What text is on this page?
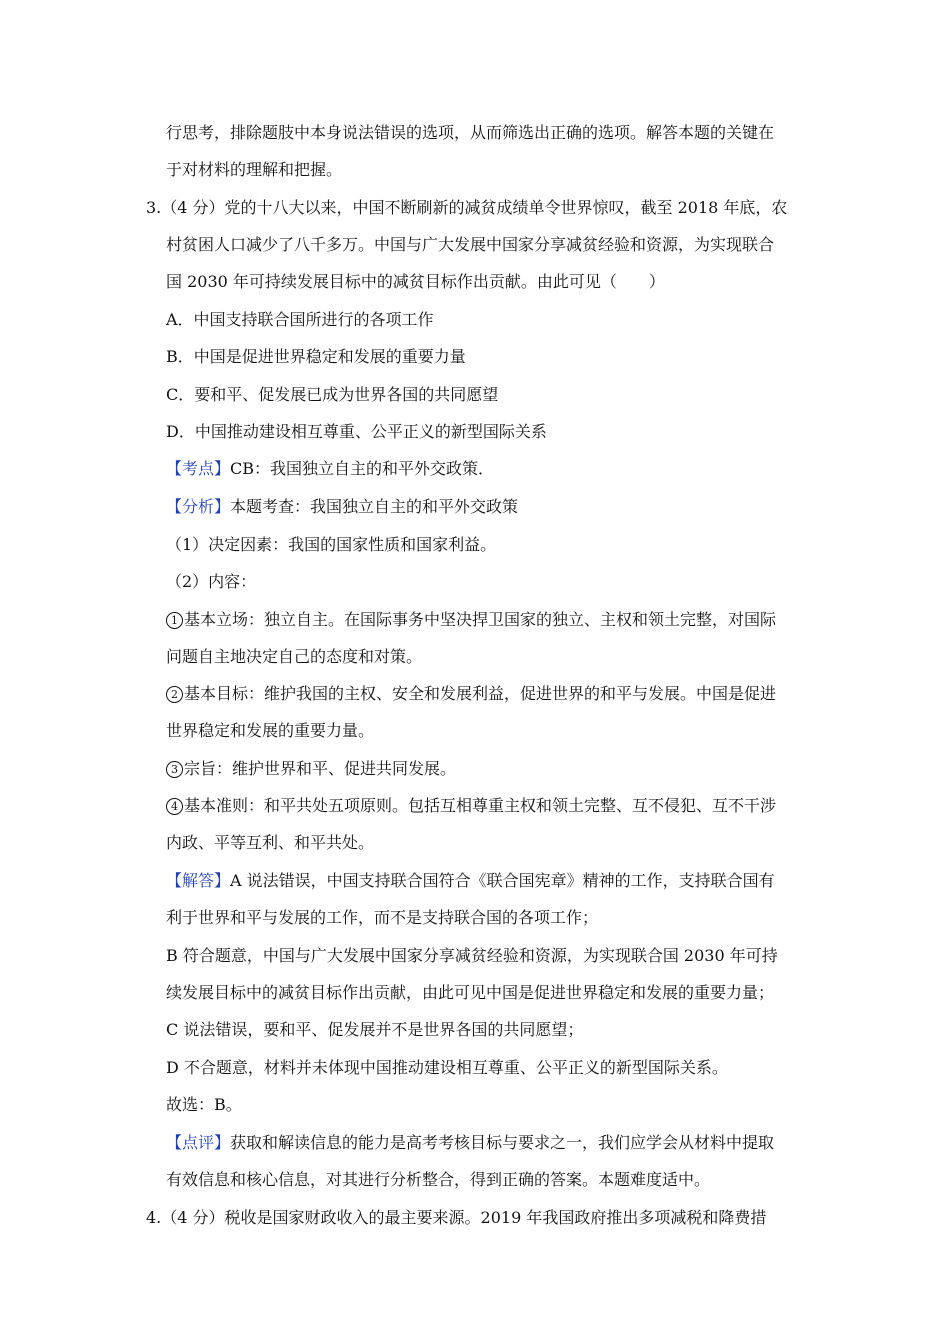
行思考，排除题肢中本身说法错误的选项，从而筛选出正确的选项。解答本题的关键在
于对材料的理解和把握。
3.（4 分）党的十八大以来，中国不断刷新的减贫成绩单令世界惊叹，截至 2018 年底，农
村贫困人口减少了八千多万。中国与广大发展中国家分享减贫经验和资源，为实现联合
国 2030 年可持续发展目标中的减贫目标作出贡献。由此可见（　　）
A．中国支持联合国所进行的各项工作
B．中国是促进世界稳定和发展的重要力量
C．要和平、促发展已成为世界各国的共同愿望
D．中国推动建设相互尊重、公平正义的新型国际关系
【考点】CB：我国独立自主的和平外交政策．
【分析】本题考查：我国独立自主的和平外交政策
（1）决定因素：我国的国家性质和国家利益。
（2）内容：
1 基本立场：独立自主。在国际事务中坚决捍卫国家的独立、主权和领土完整，对国际
问题自主地决定自己的态度和对策。
2 基本目标：维护我国的主权、安全和发展利益，促进世界的和平与发展。中国是促进
世界稳定和发展的重要力量。
3 宗旨：维护世界和平、促进共同发展。
4 基本准则：和平共处五项原则。包括互相尊重主权和领土完整、互不侵犯、互不干涉
内政、平等互利、和平共处。
【解答】A 说法错误，中国支持联合国符合《联合国宪章》精神的工作，支持联合国有
利于世界和平与发展的工作，而不是支持联合国的各项工作；
B 符合题意，中国与广大发展中国家分享减贫经验和资源，为实现联合国 2030 年可持
续发展目标中的减贫目标作出贡献，由此可见中国是促进世界稳定和发展的重要力量；
C 说法错误，要和平、促发展并不是世界各国的共同愿望；
D 不合题意，材料并未体现中国推动建设相互尊重、公平正义的新型国际关系。
故选：B。
【点评】获取和解读信息的能力是高考考核目标与要求之一，我们应学会从材料中提取
有效信息和核心信息，对其进行分析整合，得到正确的答案。本题难度适中。
4.（4 分）税收是国家财政收入的最主要来源。2019 年我国政府推出多项减税和降费措
